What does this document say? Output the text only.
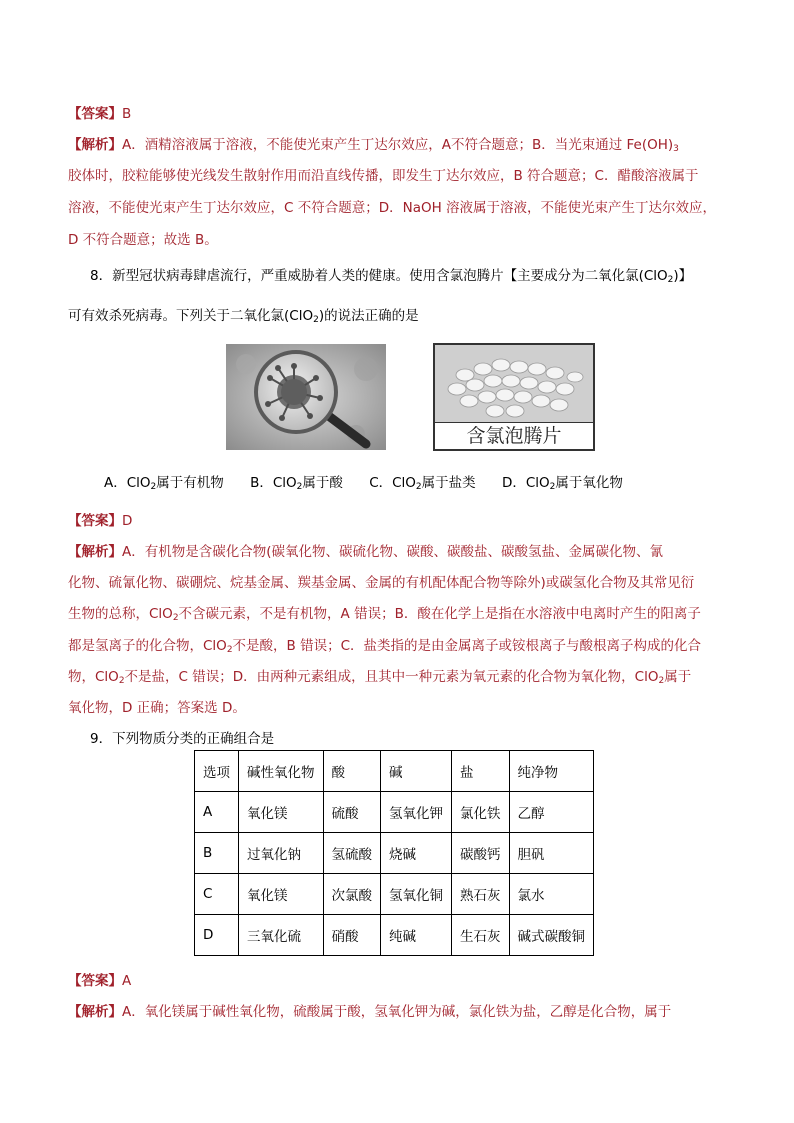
【答案】B
【解析】A．酒精溶液属于溶液，不能使光束产生丁达尔效应，A不符合题意；B．当光束通过 $Fe(OH)_3$
胶体时，胶粒能够使光线发生散射作用而沿直线传播，即发生丁达尔效应，B 符合题意；C．醋酸溶液属于
溶液，不能使光束产生丁达尔效应，C 不符合题意；D．NaOH 溶液属于溶液，不能使光束产生丁达尔效应，
D 不符合题意；故选 B。
8．新型冠状病毒肆虐流行，严重威胁着人类的健康。使用含氯泡腾片【主要成分为二氧化氯(ClO$_2$)】
可有效杀死病毒。下列关于二氧化氯(ClO$_2$)的说法正确的是
含氯泡腾片
A．ClO$_2$属于有机物 B．ClO$_2$属于酸 C．ClO$_2$属于盐类 D．ClO$_2$属于氧化物
【答案】D
【解析】A．有机物是含碳化合物(碳氧化物、碳硫化物、碳酸、碳酸盐、碳酸氢盐、金属碳化物、氰
化物、硫氰化物、碳硼烷、烷基金属、羰基金属、金属的有机配体配合物等除外)或碳氢化合物及其常见衍
生物的总称，ClO$_2$不含碳元素，不是有机物，A 错误；B．酸在化学上是指在水溶液中电离时产生的阳离子
都是氢离子的化合物，ClO$_2$不是酸，B 错误；C．盐类指的是由金属离子或铵根离子与酸根离子构成的化合
物，ClO$_2$不是盐，C 错误；D．由两种元素组成，且其中一种元素为氧元素的化合物为氧化物，ClO$_2$属于
氧化物，D 正确；答案选 D。
9．下列物质分类的正确组合是
选项	碱性氧化物	酸	碱	盐	纯净物
A	氧化镁	硫酸	氢氧化钾	氯化铁	乙醇
B	过氧化钠	氢硫酸	烧碱	碳酸钙	胆矾
C	氧化镁	次氯酸	氢氧化铜	熟石灰	氯水
D	三氧化硫	硝酸	纯碱	生石灰	碱式碳酸铜
【答案】A
【解析】A．氧化镁属于碱性氧化物，硫酸属于酸，氢氧化钾为碱，氯化铁为盐，乙醇是化合物，属于
